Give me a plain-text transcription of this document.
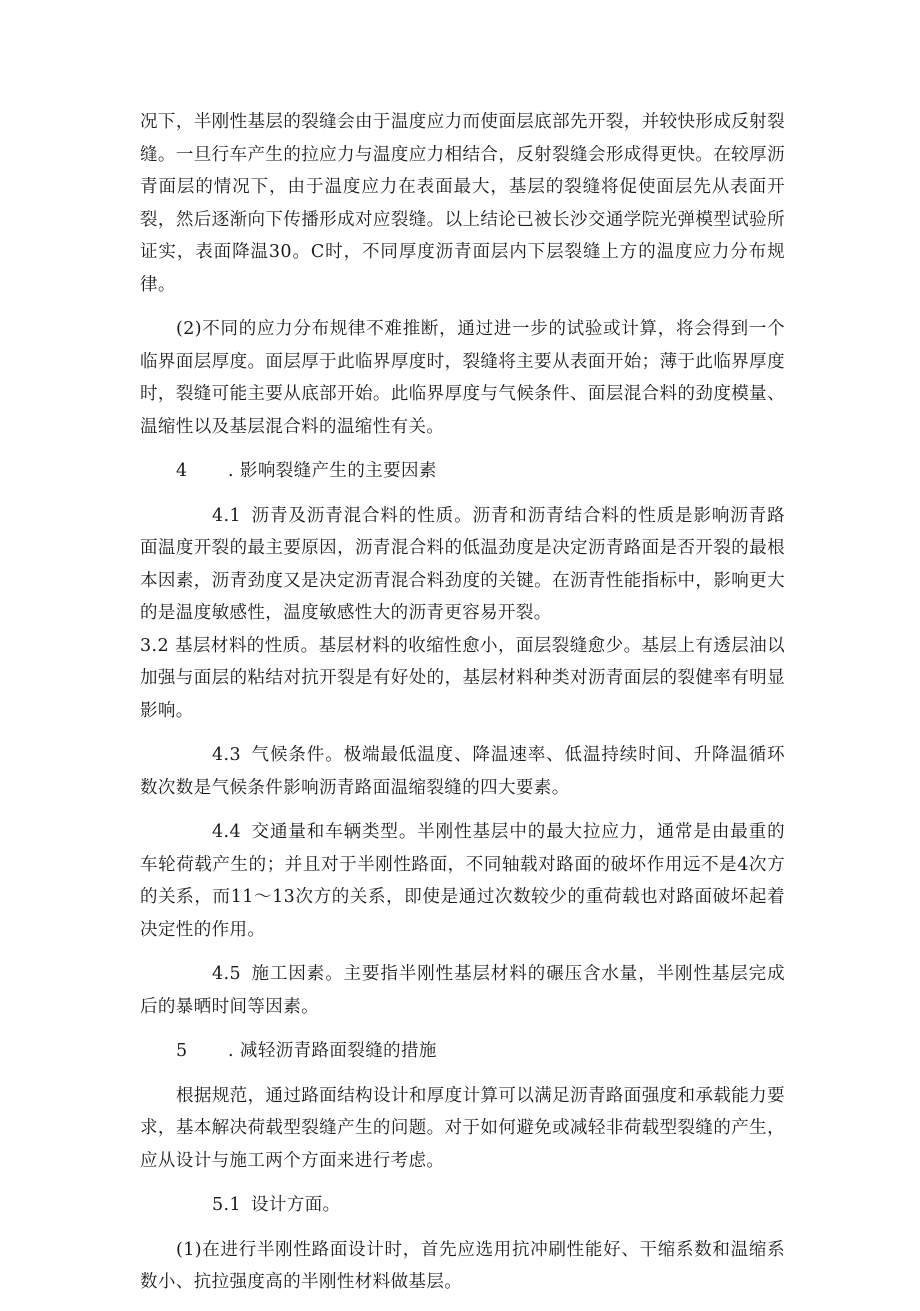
况下，半刚性基层的裂缝会由于温度应力而使面层底部先开裂，并较快形成反射裂缝。一旦行车产生的拉应力与温度应力相结合，反射裂缝会形成得更快。在较厚沥青面层的情况下，由于温度应力在表面最大，基层的裂缝将促使面层先从表面开裂，然后逐渐向下传播形成对应裂缝。以上结论已被长沙交通学院光弹模型试验所证实，表面降温30。C时，不同厚度沥青面层内下层裂缝上方的温度应力分布规律。

(2)不同的应力分布规律不难推断，通过进一步的试验或计算，将会得到一个临界面层厚度。面层厚于此临界厚度时，裂缝将主要从表面开始；薄于此临界厚度时，裂缝可能主要从底部开始。此临界厚度与气候条件、面层混合料的劲度模量、温缩性以及基层混合料的温缩性有关。

4 . 影响裂缝产生的主要因素

4.1 沥青及沥青混合料的性质。沥青和沥青结合料的性质是影响沥青路面温度开裂的最主要原因，沥青混合料的低温劲度是决定沥青路面是否开裂的最根本因素，沥青劲度又是决定沥青混合料劲度的关键。在沥青性能指标中，影响更大的是温度敏感性，温度敏感性大的沥青更容易开裂。

3.2 基层材料的性质。基层材料的收缩性愈小，面层裂缝愈少。基层上有透层油以加强与面层的粘结对抗开裂是有好处的，基层材料种类对沥青面层的裂健率有明显影响。

4.3 气候条件。极端最低温度、降温速率、低温持续时间、升降温循环数次数是气候条件影响沥青路面温缩裂缝的四大要素。

4.4 交通量和车辆类型。半刚性基层中的最大拉应力，通常是由最重的车轮荷载产生的；并且对于半刚性路面，不同轴载对路面的破坏作用远不是4次方的关系，而11～13次方的关系，即使是通过次数较少的重荷载也对路面破坏起着决定性的作用。

4.5 施工因素。主要指半刚性基层材料的碾压含水量，半刚性基层完成后的暴晒时间等因素。

5 . 减轻沥青路面裂缝的措施

根据规范，通过路面结构设计和厚度计算可以满足沥青路面强度和承载能力要求，基本解决荷载型裂缝产生的问题。对于如何避免或减轻非荷载型裂缝的产生，应从设计与施工两个方面来进行考虑。

5.1 设计方面。

(1)在进行半刚性路面设计时，首先应选用抗冲刷性能好、干缩系数和温缩系数小、抗拉强度高的半刚性材料做基层。
